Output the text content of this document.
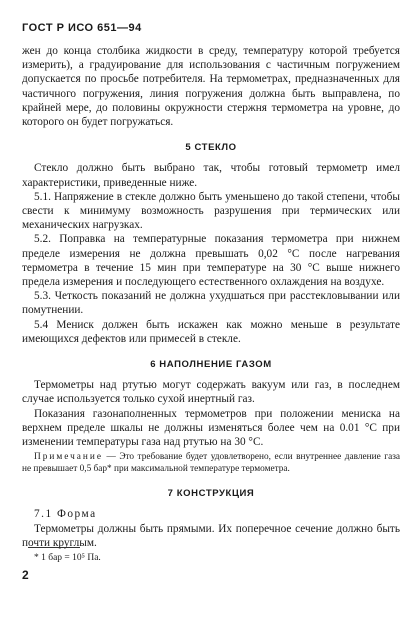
ГОСТ Р ИСО 651—94

жен до конца столбика жидкости в среду, температуру которой требуется измерить), а градуирование для использования с частичным погружением допускается по просьбе потребителя. На термометрах, предназначенных для частичного погружения, линия погружения должна быть выправлена, по крайней мере, до половины окружности стержня термометра на уровне, до которого он будет погружаться.

5 СТЕКЛО

Стекло должно быть выбрано так, чтобы готовый термометр имел характеристики, приведенные ниже.

5.1. Напряжение в стекле должно быть уменьшено до такой степени, чтобы свести к минимуму возможность разрушения при термических или механических нагрузках.

5.2. Поправка на температурные показания термометра при нижнем пределе измерения не должна превышать 0,02 °С после нагревания термометра в течение 15 мин при температуре на 30 °С выше нижнего предела измерения и последующего естественного охлаждения на воздухе.

5.3. Четкость показаний не должна ухудшаться при расстекловывании или помутнении.

5.4 Мениск должен быть искажен как можно меньше в результате имеющихся дефектов или примесей в стекле.

6 НАПОЛНЕНИЕ ГАЗОМ

Термометры над ртутью могут содержать вакуум или газ, в последнем случае используется только сухой инертный газ.

Показания газонаполненных термометров при положении мениска на верхнем пределе шкалы не должны изменяться более чем на 0.01 °С при изменении температуры газа над ртутью на 30 °С.

Примечание — Это требование будет удовлетворено, если внутреннее давление газа не превышает 0,5 бар* при максимальной температуре термометра.

7 КОНСТРУКЦИЯ

7.1 Форма

Термометры должны быть прямыми. Их поперечное сечение должно быть почти круглым.

* 1 бар = 10⁵ Па.
2
